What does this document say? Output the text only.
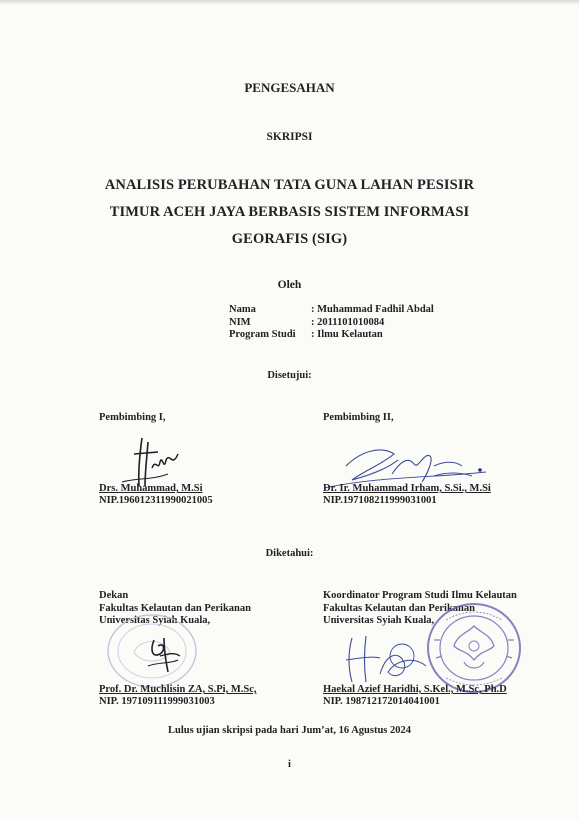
PENGESAHAN
SKRIPSI
ANALISIS PERUBAHAN TATA GUNA LAHAN PESISIR
TIMUR ACEH JAYA BERBASIS SISTEM INFORMASI
GEORAFIS (SIG)
Oleh
Nama	: Muhammad Fadhil Abdal
NIM	: 2011101010084
Program Studi	: Ilmu Kelautan
Disetujui:
Pembimbing I,	Pembimbing II,
Drs. Muhammad, M.Si
NIP.196012311990021005
Dr. Ir. Muhammad Irham, S.Si., M.Si
NIP.197108211999031001
Diketahui:
Dekan
Fakultas Kelautan dan Perikanan
Universitas Syiah Kuala,
Koordinator Program Studi Ilmu Kelautan
Fakultas Kelautan dan Perikanan
Universitas Syiah Kuala,
Prof. Dr. Muchlisin ZA, S.Pi, M.Sc,
NIP. 197109111999031003
Haekal Azief Haridhi, S.Kel., M.Sc, Ph.D
NIP. 198712172014041001
Lulus ujian skripsi pada hari Jum’at, 16 Agustus 2024
i
